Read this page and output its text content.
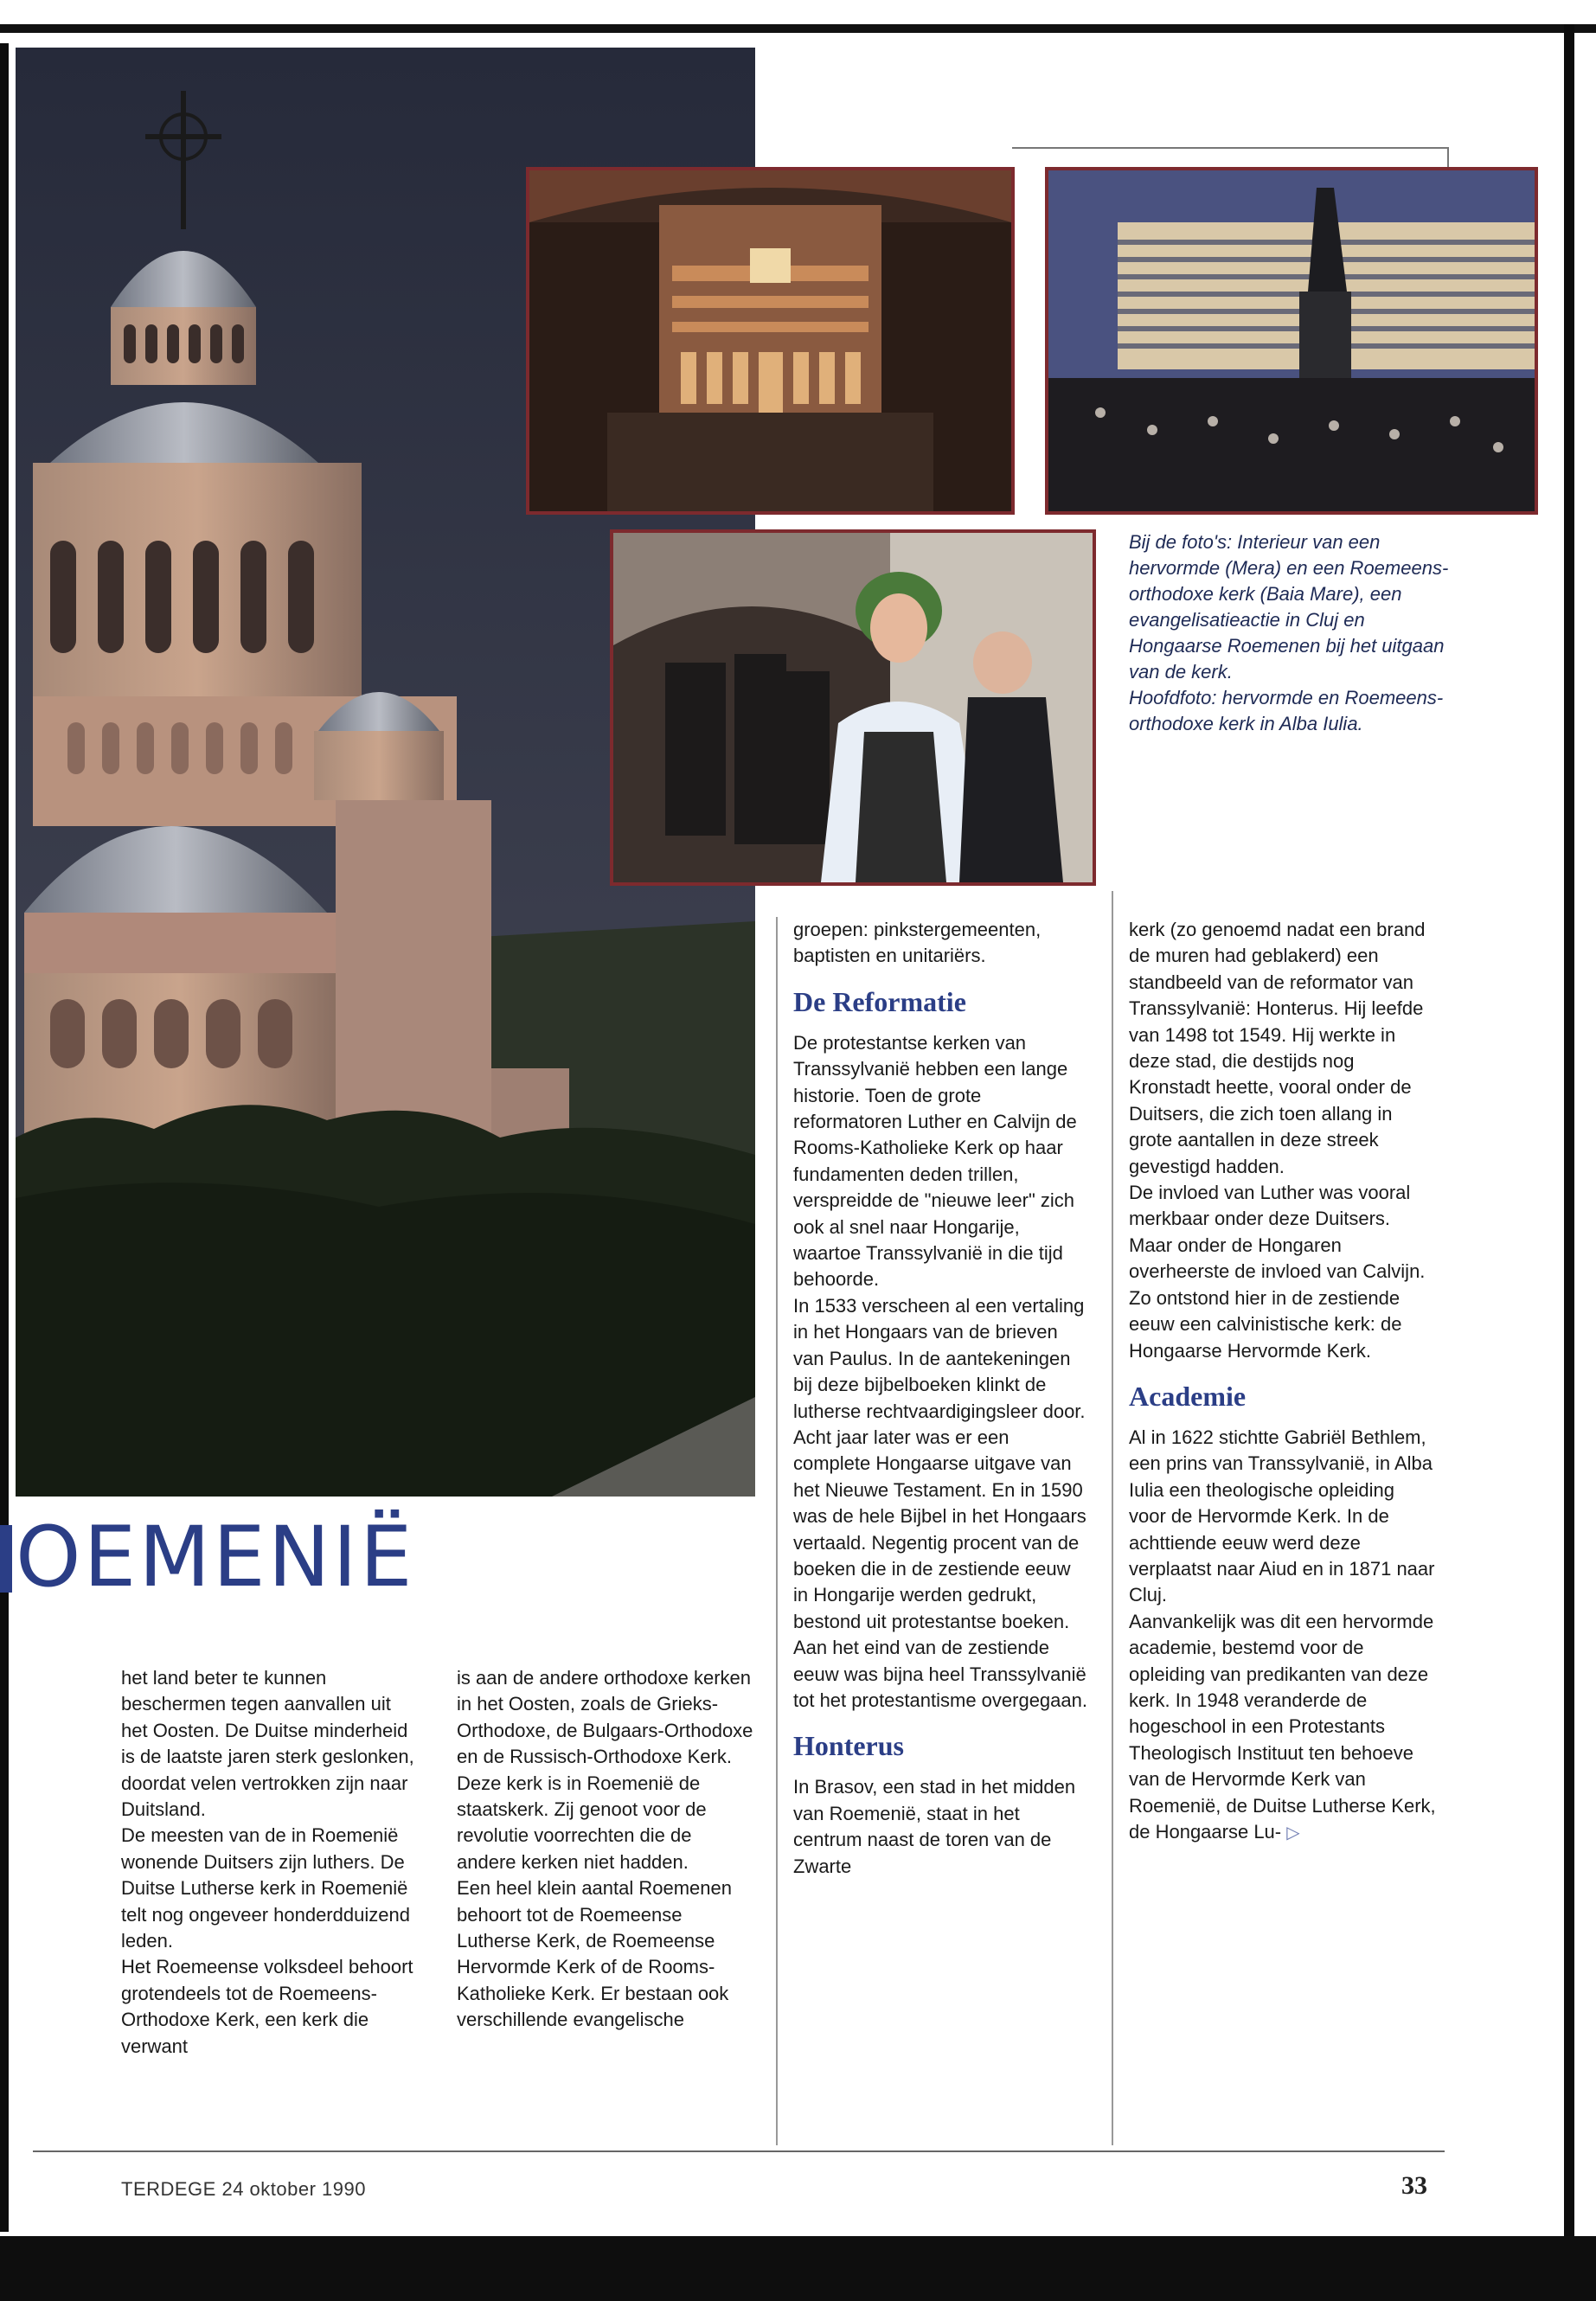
Bij de foto's: Interieur van een hervormde (Mera) en een Roemeens-orthodoxe kerk (Baia Mare), een evangelisatieactie in Cluj en Hongaarse Roemenen bij het uitgaan van de kerk.

Hoofdfoto: hervormde en Roemeens-orthodoxe kerk in Alba Iulia.

OEMENIË

het land beter te kunnen beschermen tegen aanvallen uit het Oosten. De Duitse minderheid is de laatste jaren sterk geslonken, doordat velen vertrokken zijn naar Duitsland.
De meesten van de in Roemenië wonende Duitsers zijn luthers. De Duitse Lutherse kerk in Roemenië telt nog ongeveer honderdduizend leden.
Het Roemeense volksdeel behoort grotendeels tot de Roemeens-Orthodoxe Kerk, een kerk die verwant

is aan de andere orthodoxe kerken in het Oosten, zoals de Grieks-Orthodoxe, de Bulgaars-Orthodoxe en de Russisch-Orthodoxe Kerk. Deze kerk is in Roemenië de staatskerk. Zij genoot voor de revolutie voorrechten die de andere kerken niet hadden.
Een heel klein aantal Roemenen behoort tot de Roemeense Lutherse Kerk, de Roemeense Hervormde Kerk of de Rooms-Katholieke Kerk. Er bestaan ook verschillende evangelische

groepen: pinkstergemeenten, baptisten en unitariërs.

De Reformatie

De protestantse kerken van Transsylvanië hebben een lange historie. Toen de grote reformatoren Luther en Calvijn de Rooms-Katholieke Kerk op haar fundamenten deden trillen, verspreidde de "nieuwe leer" zich ook al snel naar Hongarije, waartoe Transsylvanië in die tijd behoorde.
In 1533 verscheen al een vertaling in het Hongaars van de brieven van Paulus. In de aantekeningen bij deze bijbelboeken klinkt de lutherse rechtvaardigingsleer door. Acht jaar later was er een complete Hongaarse uitgave van het Nieuwe Testament. En in 1590 was de hele Bijbel in het Hongaars vertaald. Negentig procent van de boeken die in de zestiende eeuw in Hongarije werden gedrukt, bestond uit protestantse boeken. Aan het eind van de zestiende eeuw was bijna heel Transsylvanië tot het protestantisme overgegaan.

Honterus

In Brasov, een stad in het midden van Roemenië, staat in het centrum naast de toren van de Zwarte

kerk (zo genoemd nadat een brand de muren had geblakerd) een standbeeld van de reformator van Transsylvanië: Honterus. Hij leefde van 1498 tot 1549. Hij werkte in deze stad, die destijds nog Kronstadt heette, vooral onder de Duitsers, die zich toen allang in grote aantallen in deze streek gevestigd hadden.
De invloed van Luther was vooral merkbaar onder deze Duitsers. Maar onder de Hongaren overheerste de invloed van Calvijn. Zo ontstond hier in de zestiende eeuw een calvinistische kerk: de Hongaarse Hervormde Kerk.

Academie

Al in 1622 stichtte Gabriël Bethlem, een prins van Transsylvanië, in Alba Iulia een theologische opleiding voor de Hervormde Kerk. In de achttiende eeuw werd deze verplaatst naar Aiud en in 1871 naar Cluj.
Aanvankelijk was dit een hervormde academie, bestemd voor de opleiding van predikanten van deze kerk. In 1948 veranderde de hogeschool in een Protestants Theologisch Instituut ten behoeve van de Hervormde Kerk van Roemenië, de Duitse Lutherse Kerk, de Hongaarse Lu- ▷

TERDEGE 24 oktober 1990	33
